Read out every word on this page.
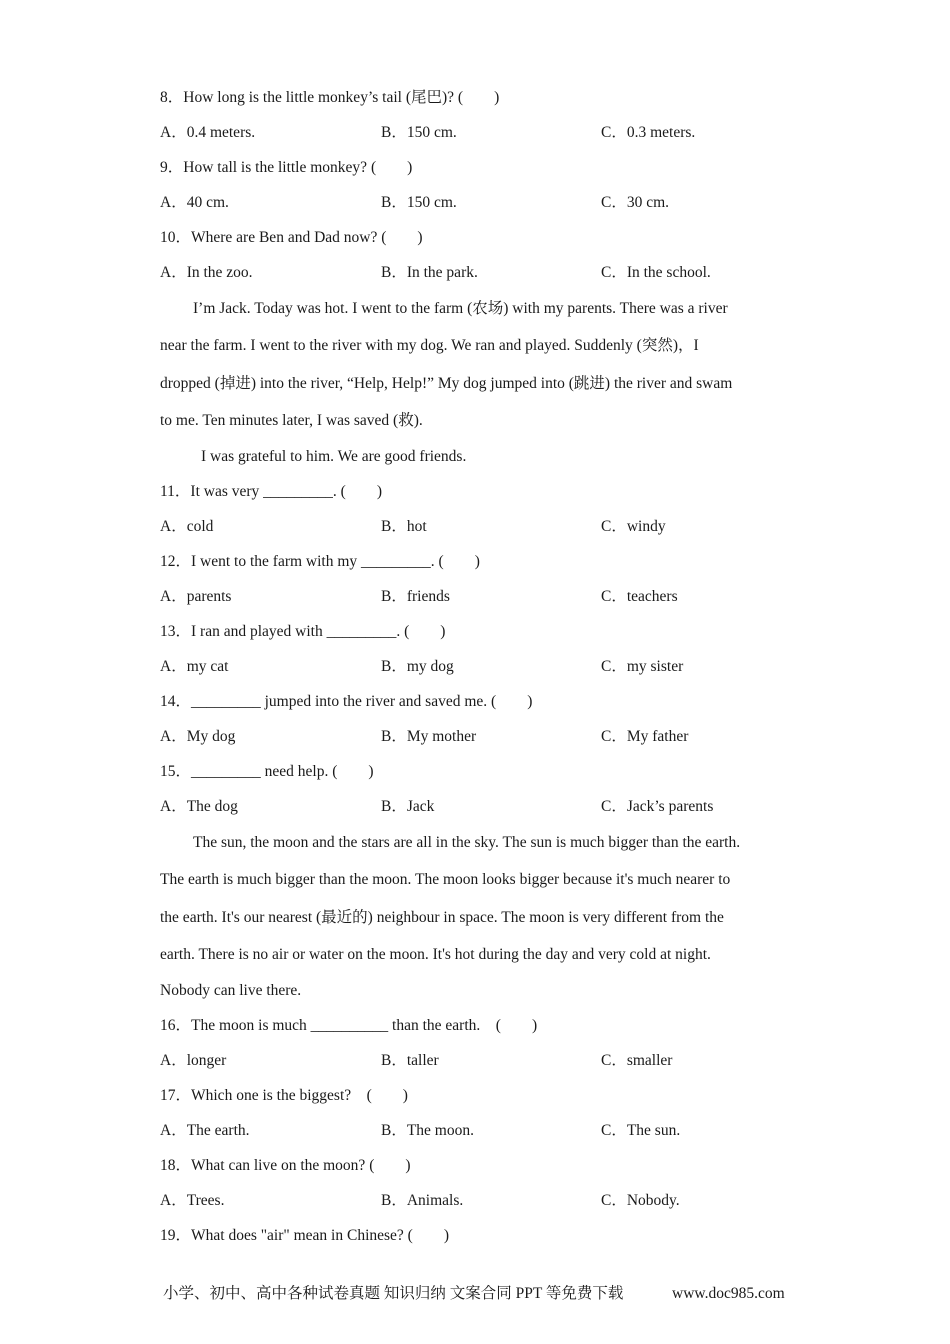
8．How long is the little monkey’s tail (尾巴)? (　　)
A．0.4 meters.	B．150 cm.	C．0.3 meters.
9．How tall is the little monkey? (　　)
A．40 cm.	B．150 cm.	C．30 cm.
10．Where are Ben and Dad now? (　　)
A．In the zoo.	B．In the park.	C．In the school.
I’m Jack. Today was hot. I went to the farm (农场) with my parents. There was a river
near the farm. I went to the river with my dog. We ran and played. Suddenly (突然)，I
dropped (掉进) into the river, “Help, Help!” My dog jumped into (跳进) the river and swam
to me. Ten minutes later, I was saved (救).
I was grateful to him. We are good friends.
11．It was very _________. (　　)
A．cold	B．hot	C．windy
12．I went to the farm with my _________. (　　)
A．parents	B．friends	C．teachers
13．I ran and played with _________. (　　)
A．my cat	B．my dog	C．my sister
14．_________ jumped into the river and saved me. (　　)
A．My dog	B．My mother	C．My father
15．_________ need help. (　　)
A．The dog	B．Jack	C．Jack’s parents
The sun, the moon and the stars are all in the sky. The sun is much bigger than the earth.
The earth is much bigger than the moon. The moon looks bigger because it's much nearer to
the earth. It's our nearest (最近的) neighbour in space. The moon is very different from the
earth. There is no air or water on the moon. It's hot during the day and very cold at night.
Nobody can live there.
16．The moon is much __________ than the earth.　(　　)
A．longer	B．taller	C．smaller
17．Which one is the biggest?　(　　)
A．The earth.	B．The moon.	C．The sun.
18．What can live on the moon? (　　)
A．Trees.	B．Animals.	C．Nobody.
19．What does "air" mean in Chinese? (　　)
小学、初中、高中各种试卷真题 知识归纳 文案合同 PPT 等免费下载	www.doc985.com
